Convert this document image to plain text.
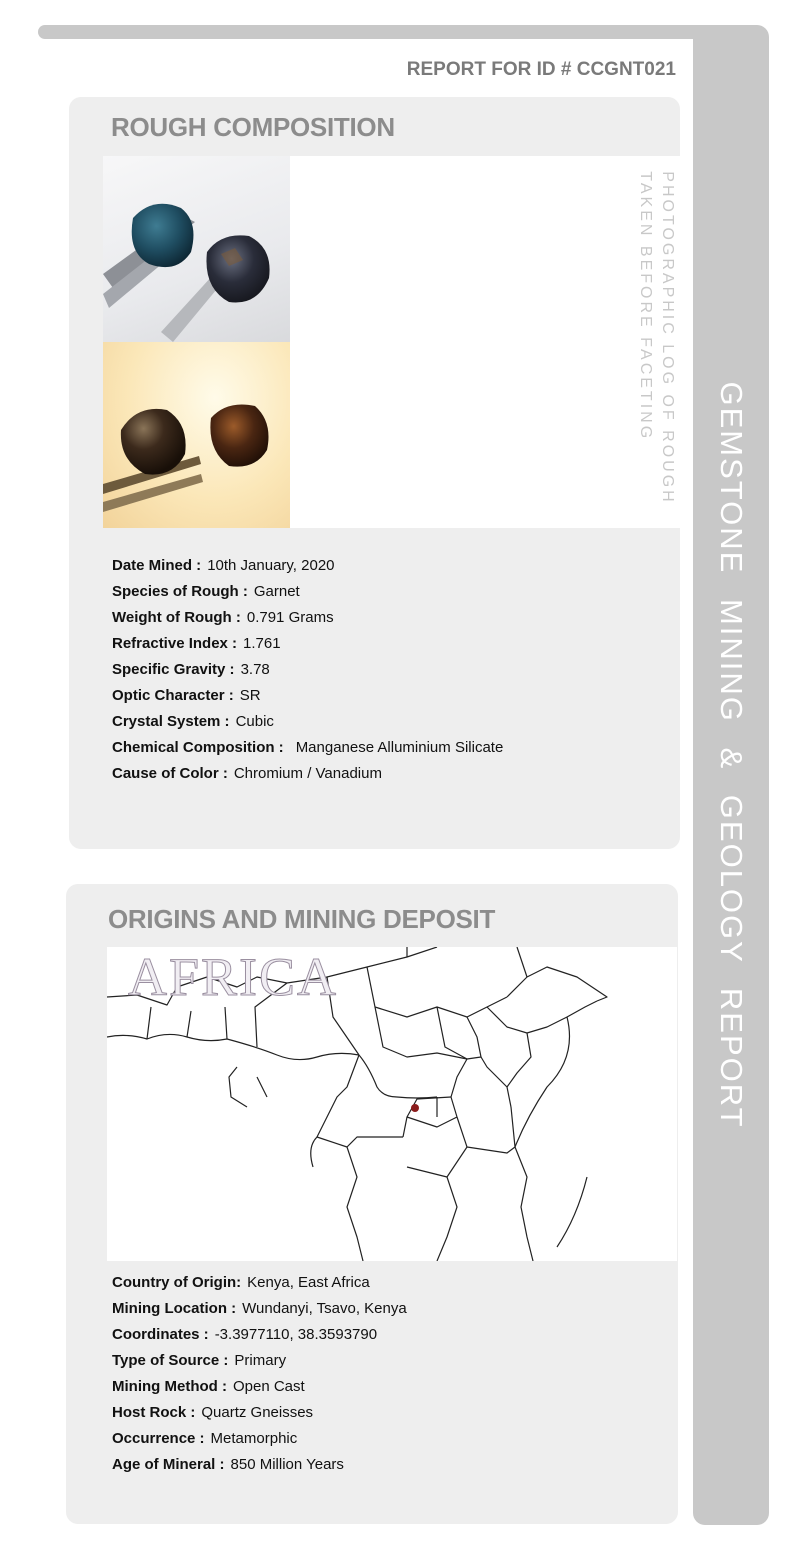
GEMSTONE MINING & GEOLOGY REPORT
REPORT FOR ID # CCGNT021
ROUGH COMPOSITION
PHOTOGRAPHIC LOG OF ROUGH
TAKEN BEFORE FACETING
Date Mined : 10th January, 2020
Species of Rough : Garnet
Weight of Rough : 0.791 Grams
Refractive Index : 1.761
Specific Gravity : 3.78
Optic Character : SR
Crystal System : Cubic
Chemical Composition : Manganese Alluminium Silicate
Cause of Color : Chromium / Vanadium
ORIGINS AND MINING DEPOSIT
AFRICA
Country of Origin: Kenya, East Africa
Mining Location : Wundanyi, Tsavo, Kenya
Coordinates : -3.3977110, 38.3593790
Type of Source : Primary
Mining Method : Open Cast
Host Rock : Quartz Gneisses
Occurrence : Metamorphic
Age of Mineral : 850 Million Years
